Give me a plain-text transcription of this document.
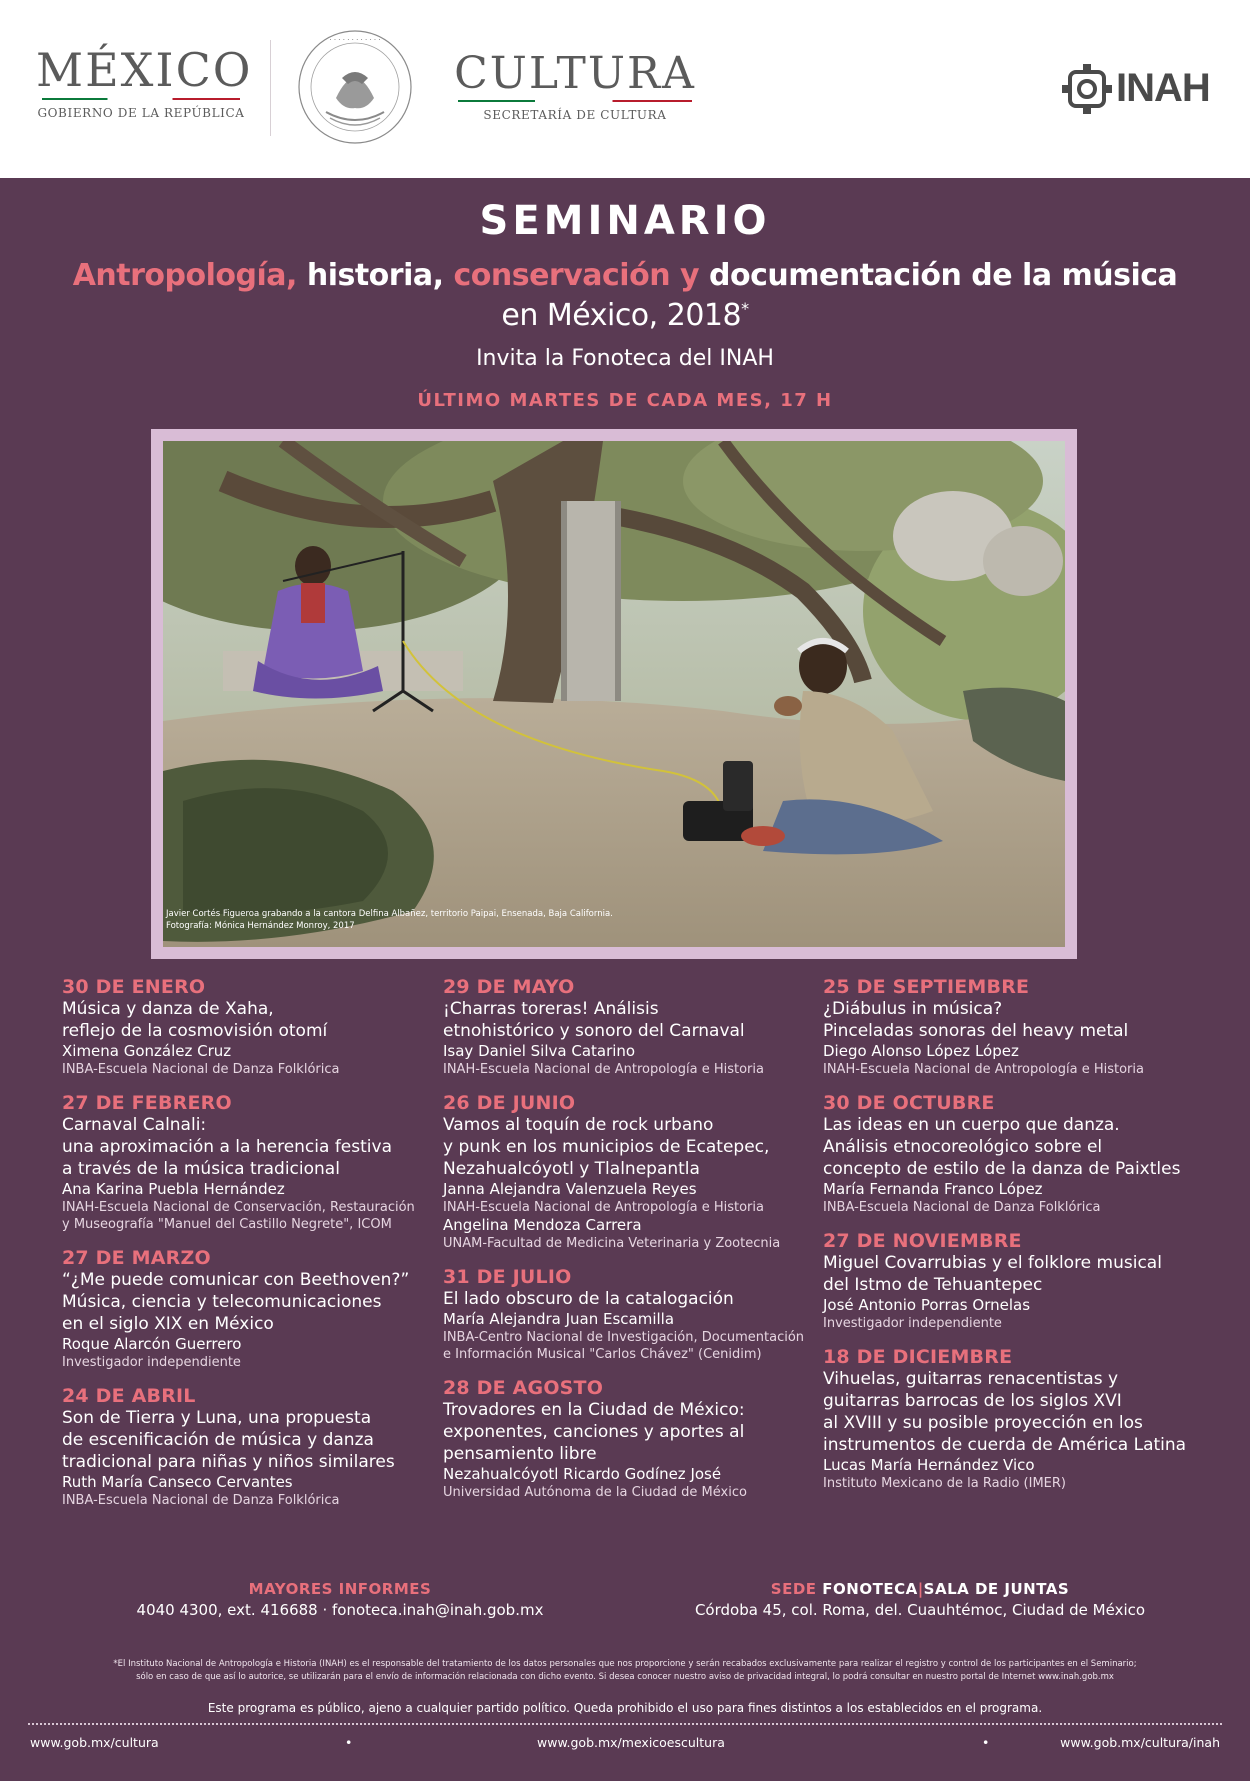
MÉXICO
GOBIERNO DE LA REPÚBLICA
· · · · · · · · · · · ·
CULTURA
SECRETARÍA DE CULTURA
INAH
SEMINARIO
Antropología, historia, conservación y documentación de la música
en México, 2018*
Invita la Fonoteca del INAH
ÚLTIMO MARTES DE CADA MES, 17 H
Javier Cortés Figueroa grabando a la cantora Delfina Albañez, territorio Paipai, Ensenada, Baja California.
Fotografía: Mónica Hernández Monroy, 2017
30 DE ENERO
Música y danza de Xaha,
reflejo de la cosmovisión otomí
Ximena González Cruz
INBA-Escuela Nacional de Danza Folklórica
27 DE FEBRERO
Carnaval Calnali:
una aproximación a la herencia festiva
a través de la música tradicional
Ana Karina Puebla Hernández
INAH-Escuela Nacional de Conservación, Restauración
y Museografía "Manuel del Castillo Negrete", ICOM
27 DE MARZO
“¿Me puede comunicar con Beethoven?”
Música, ciencia y telecomunicaciones
en el siglo XIX en México
Roque Alarcón Guerrero
Investigador independiente
24 DE ABRIL
Son de Tierra y Luna, una propuesta
de escenificación de música y danza
tradicional para niñas y niños similares
Ruth María Canseco Cervantes
INBA-Escuela Nacional de Danza Folklórica
29 DE MAYO
¡Charras toreras! Análisis
etnohistórico y sonoro del Carnaval
Isay Daniel Silva Catarino
INAH-Escuela Nacional de Antropología e Historia
26 DE JUNIO
Vamos al toquín de rock urbano
y punk en los municipios de Ecatepec,
Nezahualcóyotl y Tlalnepantla
Janna Alejandra Valenzuela Reyes
INAH-Escuela Nacional de Antropología e Historia
Angelina Mendoza Carrera
UNAM-Facultad de Medicina Veterinaria y Zootecnia
31 DE JULIO
El lado obscuro de la catalogación
María Alejandra Juan Escamilla
INBA-Centro Nacional de Investigación, Documentación
e Información Musical "Carlos Chávez" (Cenidim)
28 DE AGOSTO
Trovadores en la Ciudad de México:
exponentes, canciones y aportes al
pensamiento libre
Nezahualcóyotl Ricardo Godínez José
Universidad Autónoma de la Ciudad de México
25 DE SEPTIEMBRE
¿Diábulus in música?
Pinceladas sonoras del heavy metal
Diego Alonso López López
INAH-Escuela Nacional de Antropología e Historia
30 DE OCTUBRE
Las ideas en un cuerpo que danza.
Análisis etnocoreológico sobre el
concepto de estilo de la danza de Paixtles
María Fernanda Franco López
INBA-Escuela Nacional de Danza Folklórica
27 DE NOVIEMBRE
Miguel Covarrubias y el folklore musical
del Istmo de Tehuantepec
José Antonio Porras Ornelas
Investigador independiente
18 DE DICIEMBRE
Vihuelas, guitarras renacentistas y
guitarras barrocas de los siglos XVI
al XVIII y su posible proyección en los
instrumentos de cuerda de América Latina
Lucas María Hernández Vico
Instituto Mexicano de la Radio (IMER)
MAYORES INFORMES
4040 4300, ext. 416688 · fonoteca.inah@inah.gob.mx
SEDE FONOTECA|SALA DE JUNTAS
Córdoba 45, col. Roma, del. Cuauhtémoc, Ciudad de México
*El Instituto Nacional de Antropología e Historia (INAH) es el responsable del tratamiento de los datos personales que nos proporcione y serán recabados exclusivamente para realizar el registro y control de los participantes en el Seminario;
sólo en caso de que así lo autorice, se utilizarán para el envío de información relacionada con dicho evento. Si desea conocer nuestro aviso de privacidad integral, lo podrá consultar en nuestro portal de Internet www.inah.gob.mx
Este programa es público, ajeno a cualquier partido político. Queda prohibido el uso para fines distintos a los establecidos en el programa.
www.gob.mx/cultura	•	www.gob.mx/mexicoescultura	•	www.gob.mx/cultura/inah
